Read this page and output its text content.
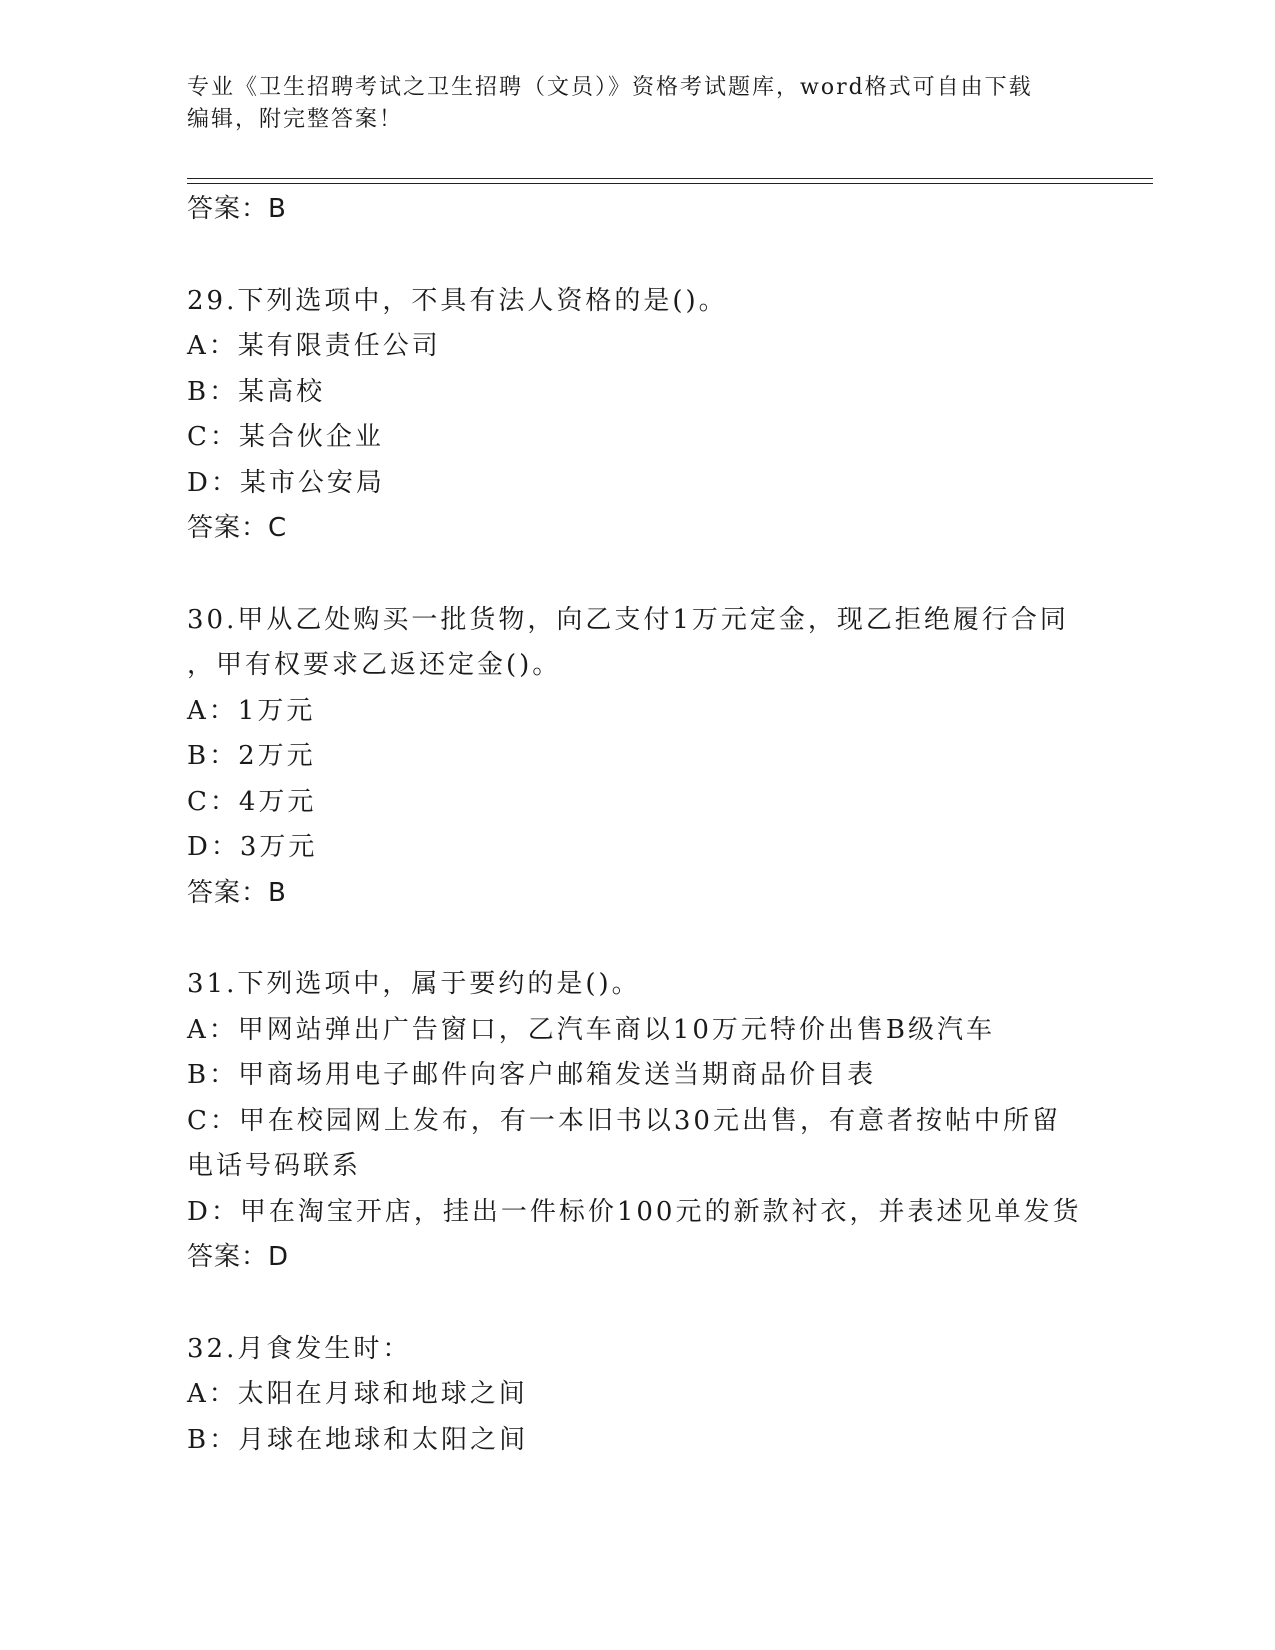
专业《卫生招聘考试之卫生招聘（文员）》资格考试题库，word格式可自由下载
编辑，附完整答案！
答案：B
29.下列选项中，不具有法人资格的是()。
A：某有限责任公司
B：某高校
C：某合伙企业
D：某市公安局
答案：C
30.甲从乙处购买一批货物，向乙支付1万元定金，现乙拒绝履行合同
，甲有权要求乙返还定金()。
A：1万元
B：2万元
C：4万元
D：3万元
答案：B
31.下列选项中，属于要约的是()。
A：甲网站弹出广告窗口，乙汽车商以10万元特价出售B级汽车
B：甲商场用电子邮件向客户邮箱发送当期商品价目表
C：甲在校园网上发布，有一本旧书以30元出售，有意者按帖中所留
电话号码联系
D：甲在淘宝开店，挂出一件标价100元的新款衬衣，并表述见单发货
答案：D
32.月食发生时：
A：太阳在月球和地球之间
B：月球在地球和太阳之间
